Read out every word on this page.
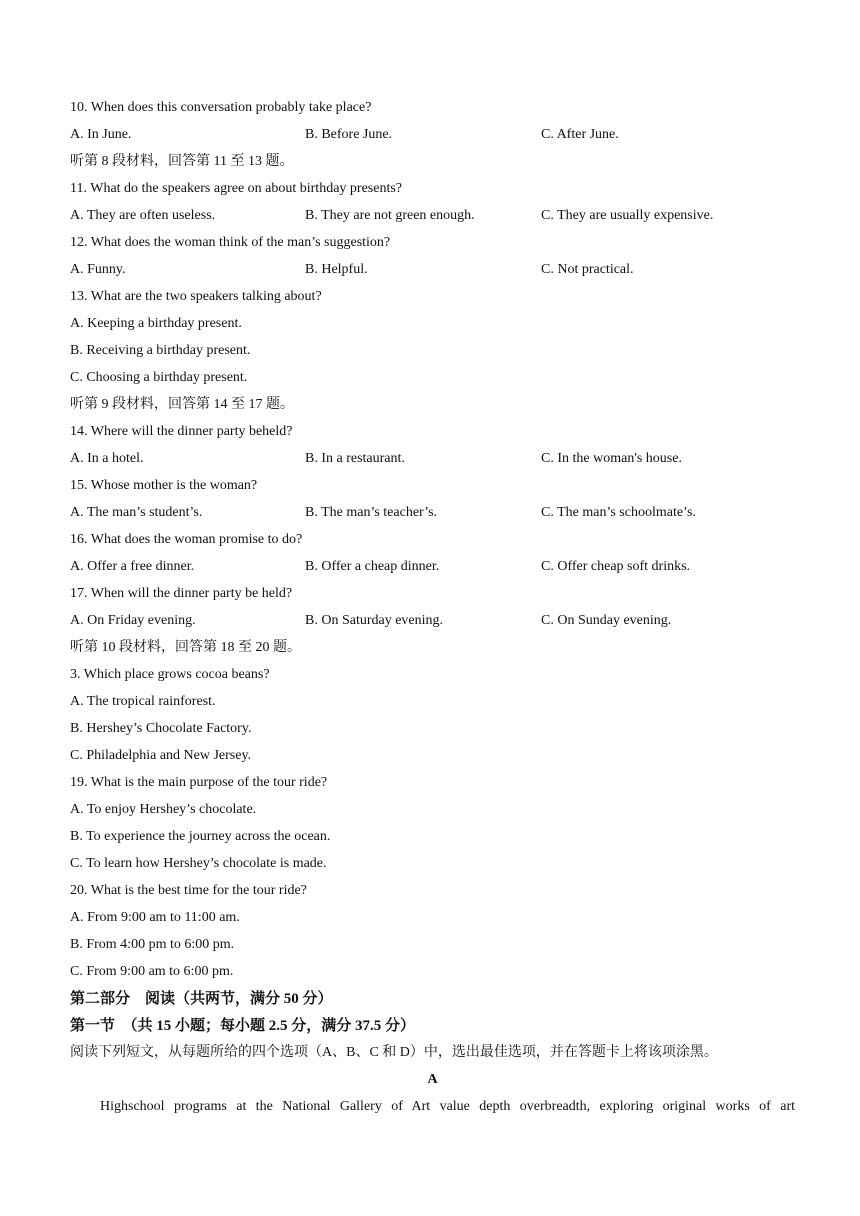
10. When does this conversation probably take place?
A. In June.	B. Before June.	C. After June.
听第 8 段材料，回答第 11 至 13 题。
11. What do the speakers agree on about birthday presents?
A. They are often useless.	B. They are not green enough.	C. They are usually expensive.
12. What does the woman think of the man’s suggestion?
A. Funny.	B. Helpful.	C. Not practical.
13. What are the two speakers talking about?
A. Keeping a birthday present.
B. Receiving a birthday present.
C. Choosing a birthday present.
听第 9 段材料，回答第 14 至 17 题。
14. Where will the dinner party beheld?
A. In a hotel.	B. In a restaurant.	C. In the woman's house.
15. Whose mother is the woman?
A. The man’s student’s.	B. The man’s teacher’s.	C. The man’s schoolmate’s.
16. What does the woman promise to do?
A. Offer a free dinner.	B. Offer a cheap dinner.	C. Offer cheap soft drinks.
17. When will the dinner party be held?
A. On Friday evening.	B. On Saturday evening.	C. On Sunday evening.
听第 10 段材料，回答第 18 至 20 题。
3. Which place grows cocoa beans?
A. The tropical rainforest.
B. Hershey’s Chocolate Factory.
C. Philadelphia and New Jersey.
19. What is the main purpose of the tour ride?
A. To enjoy Hershey’s chocolate.
B. To experience the journey across the ocean.
C. To learn how Hershey’s chocolate is made.
20. What is the best time for the tour ride?
A. From 9:00 am to 11:00 am.
B. From 4:00 pm to 6:00 pm.
C. From 9:00 am to 6:00 pm.
第二部分　阅读（共两节，满分 50 分）
第一节　（共 15 小题；每小题 2.5 分，满分 37.5 分）
阅读下列短文，从每题所给的四个选项（A、B、C 和 D）中，选出最佳选项，并在答题卡上将该项涂黑。
A
Highschool programs at the National Gallery of Art value depth overbreadth, exploring original works of art
